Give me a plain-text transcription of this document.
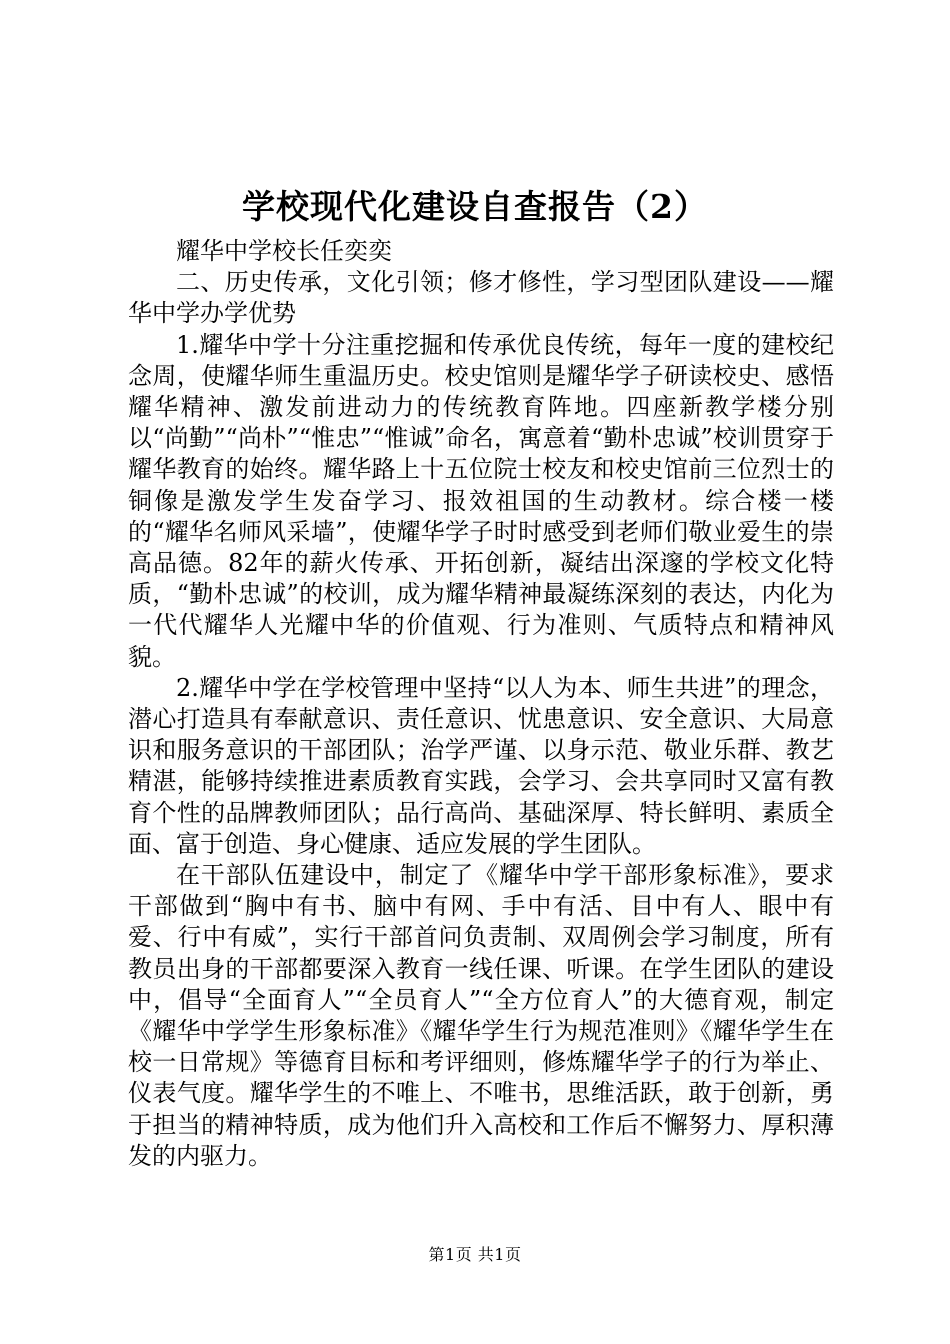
学校现代化建设自查报告（2）

耀华中学校长任奕奕

二、历史传承，文化引领；修才修性，学习型团队建设——耀华中学办学优势

1.耀华中学十分注重挖掘和传承优良传统，每年一度的建校纪念周，使耀华师生重温历史。校史馆则是耀华学子研读校史、感悟耀华精神、激发前进动力的传统教育阵地。四座新教学楼分别以“尚勤”“尚朴”“惟忠”“惟诚”命名，寓意着“勤朴忠诚”校训贯穿于耀华教育的始终。耀华路上十五位院士校友和校史馆前三位烈士的铜像是激发学生发奋学习、报效祖国的生动教材。综合楼一楼的“耀华名师风采墙”，使耀华学子时时感受到老师们敬业爱生的崇高品德。82年的薪火传承、开拓创新，凝结出深邃的学校文化特质，“勤朴忠诚”的校训，成为耀华精神最凝练深刻的表达，内化为一代代耀华人光耀中华的价值观、行为准则、气质特点和精神风貌。

2.耀华中学在学校管理中坚持“以人为本、师生共进”的理念，潜心打造具有奉献意识、责任意识、忧患意识、安全意识、大局意识和服务意识的干部团队；治学严谨、以身示范、敬业乐群、教艺精湛，能够持续推进素质教育实践，会学习、会共享同时又富有教育个性的品牌教师团队；品行高尚、基础深厚、特长鲜明、素质全面、富于创造、身心健康、适应发展的学生团队。

在干部队伍建设中，制定了《耀华中学干部形象标准》，要求干部做到“胸中有书、脑中有网、手中有活、目中有人、眼中有爱、行中有威”，实行干部首问负责制、双周例会学习制度，所有教员出身的干部都要深入教育一线任课、听课。在学生团队的建设中，倡导“全面育人”“全员育人”“全方位育人”的大德育观，制定《耀华中学学生形象标准》《耀华学生行为规范准则》《耀华学生在校一日常规》等德育目标和考评细则，修炼耀华学子的行为举止、仪表气度。耀华学生的不唯上、不唯书，思维活跃，敢于创新，勇于担当的精神特质，成为他们升入高校和工作后不懈努力、厚积薄发的内驱力。

第1页 共1页
